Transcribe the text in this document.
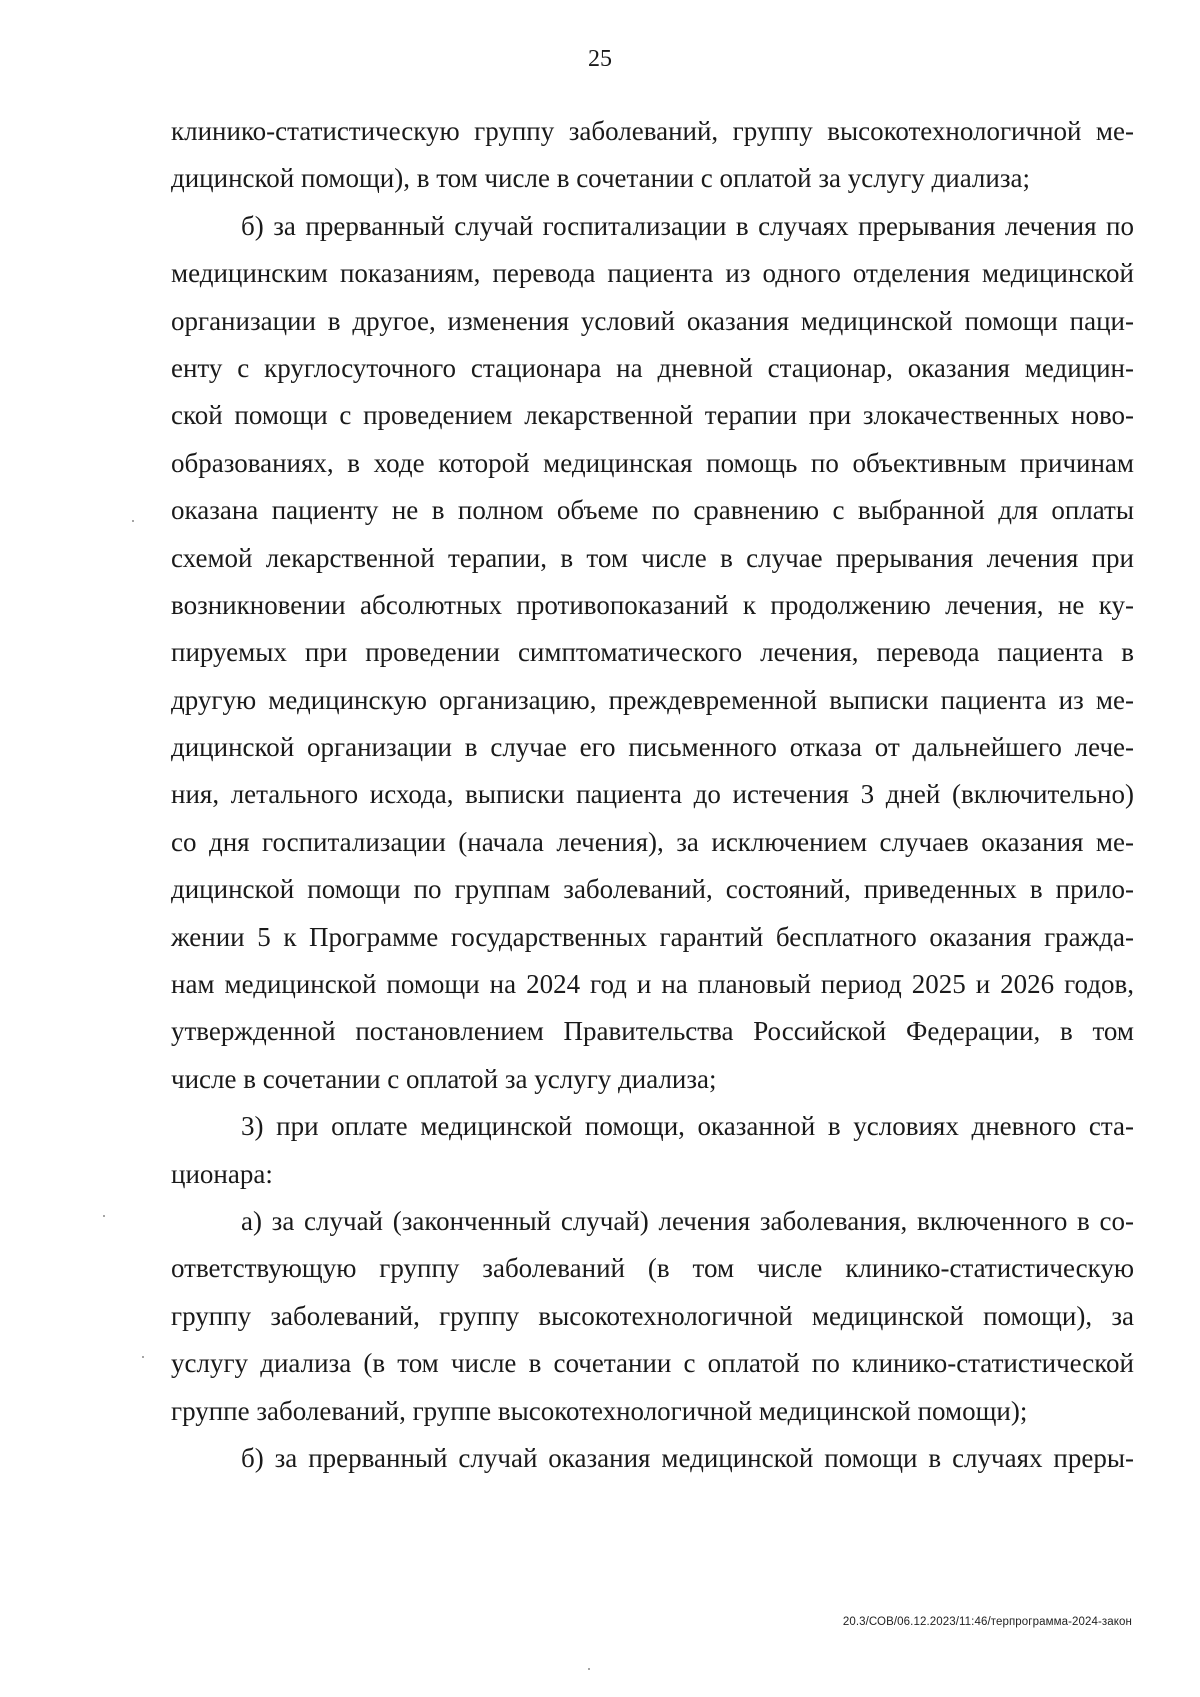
25
клинико-статистическую группу заболеваний, группу высокотехнологичной ме-
дицинской помощи), в том числе в сочетании с оплатой за услугу диализа;
б) за прерванный случай госпитализации в случаях прерывания лечения по
медицинским показаниям, перевода пациента из одного отделения медицинской
организации в другое, изменения условий оказания медицинской помощи паци-
енту с круглосуточного стационара на дневной стационар, оказания медицин-
ской помощи с проведением лекарственной терапии при злокачественных ново-
образованиях, в ходе которой медицинская помощь по объективным причинам
оказана пациенту не в полном объеме по сравнению с выбранной для оплаты
схемой лекарственной терапии, в том числе в случае прерывания лечения при
возникновении абсолютных противопоказаний к продолжению лечения, не ку-
пируемых при проведении симптоматического лечения, перевода пациента в
другую медицинскую организацию, преждевременной выписки пациента из ме-
дицинской организации в случае его письменного отказа от дальнейшего лече-
ния, летального исхода, выписки пациента до истечения 3 дней (включительно)
со дня госпитализации (начала лечения), за исключением случаев оказания ме-
дицинской помощи по группам заболеваний, состояний, приведенных в прило-
жении 5 к Программе государственных гарантий бесплатного оказания гражда-
нам медицинской помощи на 2024 год и на плановый период 2025 и 2026 годов,
утвержденной постановлением Правительства Российской Федерации, в том
числе в сочетании с оплатой за услугу диализа;
3) при оплате медицинской помощи, оказанной в условиях дневного ста-
ционара:
а) за случай (законченный случай) лечения заболевания, включенного в со-
ответствующую группу заболеваний (в том числе клинико-статистическую
группу заболеваний, группу высокотехнологичной медицинской помощи), за
услугу диализа (в том числе в сочетании с оплатой по клинико-статистической
группе заболеваний, группе высокотехнологичной медицинской помощи);
б) за прерванный случай оказания медицинской помощи в случаях преры-
20.3/СОВ/06.12.2023/11:46/терпрограмма-2024-закон
